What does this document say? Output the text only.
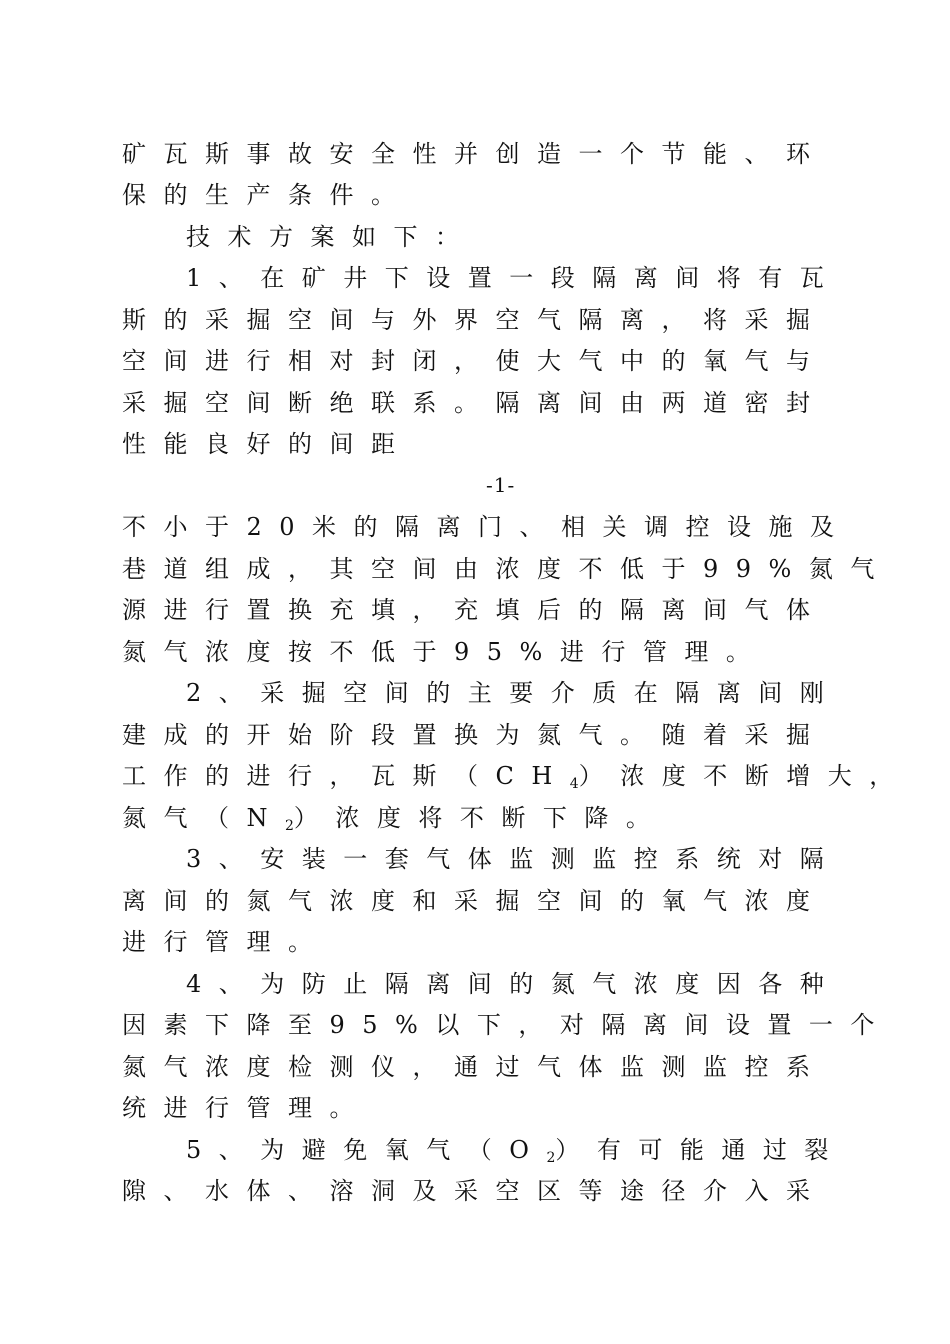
矿瓦斯事故安全性并创造一个节能、环
保的生产条件。
技术方案如下：
1、在矿井下设置一段隔离间将有瓦
斯的采掘空间与外界空气隔离，将采掘
空间进行相对封闭，使大气中的氧气与
采掘空间断绝联系。隔离间由两道密封
性能良好的间距
-1-
不小于20米的隔离门、相关调控设施及
巷道组成，其空间由浓度不低于99%氮气
源进行置换充填，充填后的隔离间气体
氮气浓度按不低于95%进行管理。
2、采掘空间的主要介质在隔离间刚
建成的开始阶段置换为氮气。随着采掘
工作的进行，瓦斯$(CH_4)$浓度不断增大，
氮气$(N_2)$浓度将不断下降。
3、安装一套气体监测监控系统对隔
离间的氮气浓度和采掘空间的氧气浓度
进行管理。
4、为防止隔离间的氮气浓度因各种
因素下降至95%以下，对隔离间设置一个
氮气浓度检测仪，通过气体监测监控系
统进行管理。
5、为避免氧气$(O_2)$有可能通过裂
隙、水体、溶洞及采空区等途径介入采
